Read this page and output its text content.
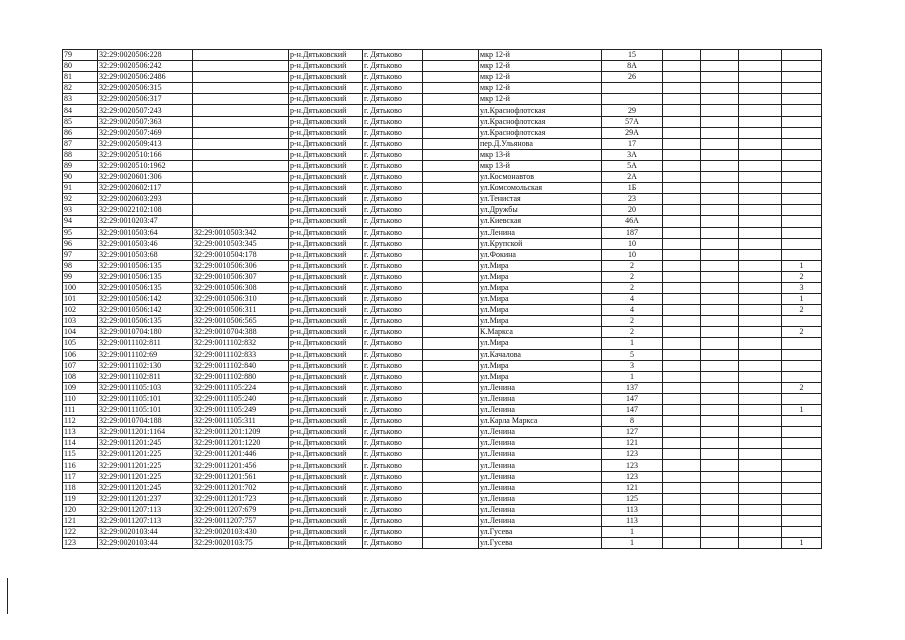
79	32:29:0020506:228		р-н.Дятьковский	г. Дятьково		мкр 12-й	15				
80	32:29:0020506:242		р-н.Дятьковский	г. Дятьково		мкр 12-й	8А				
81	32:29:0020506:2486		р-н.Дятьковский	г. Дятьково		мкр 12-й	26				
82	32:29:0020506:315		р-н.Дятьковский	г. Дятьково		мкр 12-й					
83	32:29:0020506:317		р-н.Дятьковский	г. Дятьково		мкр 12-й					
84	32:29:0020507:243		р-н.Дятьковский	г. Дятьково		ул.Краснофлотская	29				
85	32:29:0020507:363		р-н.Дятьковский	г. Дятьково		ул.Краснофлотская	57А				
86	32:29:0020507:469		р-н.Дятьковский	г. Дятьково		ул.Краснофлотская	29А				
87	32:29:0020509:413		р-н.Дятьковский	г. Дятьково		пер.Д.Ульянова	17				
88	32:29:0020510:166		р-н.Дятьковский	г. Дятьково		мкр 13-й	3А				
89	32:29:0020510:1962		р-н.Дятьковский	г. Дятьково		мкр 13-й	5А				
90	32:29:0020601:306		р-н.Дятьковский	г. Дятьково		ул.Космонавтов	2А				
91	32:29:0020602:117		р-н.Дятьковский	г. Дятьково		ул.Комсомольская	1Б				
92	32:29:0020603:293		р-н.Дятьковский	г. Дятьково		ул.Тенистая	23				
93	32:29:0022102:108		р-н.Дятьковский	г. Дятьково		ул.Дружбы	20				
94	32:29:0010203:47		р-н.Дятьковский	г. Дятьково		ул.Киевская	46А				
95	32:29:0010503:64	32:29:0010503:342	р-н.Дятьковский	г. Дятьково		ул.Ленина	187				
96	32:29:0010503:46	32:29:0010503:345	р-н.Дятьковский	г. Дятьково		ул.Крупской	10				
97	32:29:0010503:68	32:29:0010504:178	р-н.Дятьковский	г. Дятьково		ул.Фокина	10				
98	32:29:0010506:135	32:29:0010506:306	р-н.Дятьковский	г. Дятьково		ул.Мира	2				1
99	32:29:0010506:135	32:29:0010506:307	р-н.Дятьковский	г. Дятьково		ул.Мира	2				2
100	32:29:0010506:135	32:29:0010506:308	р-н.Дятьковский	г. Дятьково		ул.Мира	2				3
101	32:29:0010506:142	32:29:0010506:310	р-н.Дятьковский	г. Дятьково		ул.Мира	4				1
102	32:29:0010506:142	32:29:0010506:311	р-н.Дятьковский	г. Дятьково		ул.Мира	4				2
103	32:29:0010506:135	32:29:0010506:565	р-н.Дятьковский	г. Дятьково		ул.Мира	2				
104	32:29:0010704:180	32:29:0010704:388	р-н.Дятьковский	г. Дятьково		К.Маркса	2				2
105	32:29:0011102:811	32:29:0011102:832	р-н.Дятьковский	г. Дятьково		ул.Мира	1				
106	32:29:0011102:69	32:29:0011102:833	р-н.Дятьковский	г. Дятьково		ул.Качалова	5				
107	32:29:0011102:130	32:29:0011102:840	р-н.Дятьковский	г. Дятьково		ул.Мира	3				
108	32:29:0011102:811	32:29:0011102:880	р-н.Дятьковский	г. Дятьково		ул.Мира	1				
109	32:29:0011105:103	32:29:0011105:224	р-н.Дятьковский	г. Дятьково		ул.Ленина	137				2
110	32:29:0011105:101	32:29:0011105:240	р-н.Дятьковский	г. Дятьково		ул.Ленина	147				
111	32:29:0011105:101	32:29:0011105:249	р-н.Дятьковский	г. Дятьково		ул.Ленина	147				1
112	32:29:0010704:188	32:29:0011105:311	р-н.Дятьковский	г. Дятьково		ул.Карла Маркса	8				
113	32:29:0011201:1164	32:29:0011201:1209	р-н.Дятьковский	г. Дятьково		ул.Ленина	127				
114	32:29:0011201:245	32:29:0011201:1220	р-н.Дятьковский	г. Дятьково		ул.Ленина	121				
115	32:29:0011201:225	32:29:0011201:446	р-н.Дятьковский	г. Дятьково		ул.Ленина	123				
116	32:29:0011201:225	32:29:0011201:456	р-н.Дятьковский	г. Дятьково		ул.Ленина	123				
117	32:29:0011201:225	32:29:0011201:561	р-н.Дятьковский	г. Дятьково		ул.Ленина	123				
118	32:29:0011201:245	32:29:0011201:702	р-н.Дятьковский	г. Дятьково		ул.Ленина	121				
119	32:29:0011201:237	32:29:0011201:723	р-н.Дятьковский	г. Дятьково		ул.Ленина	125				
120	32:29:0011207:113	32:29:0011207:679	р-н.Дятьковский	г. Дятьково		ул.Ленина	113				
121	32:29:0011207:113	32:29:0011207:757	р-н.Дятьковский	г. Дятьково		ул.Ленина	113				
122	32:29:0020103:44	32:29:0020103:430	р-н.Дятьковский	г. Дятьково		ул.Гусева	1				
123	32:29:0020103:44	32:29:0020103:75	р-н.Дятьковский	г. Дятьково		ул.Гусева	1				1
